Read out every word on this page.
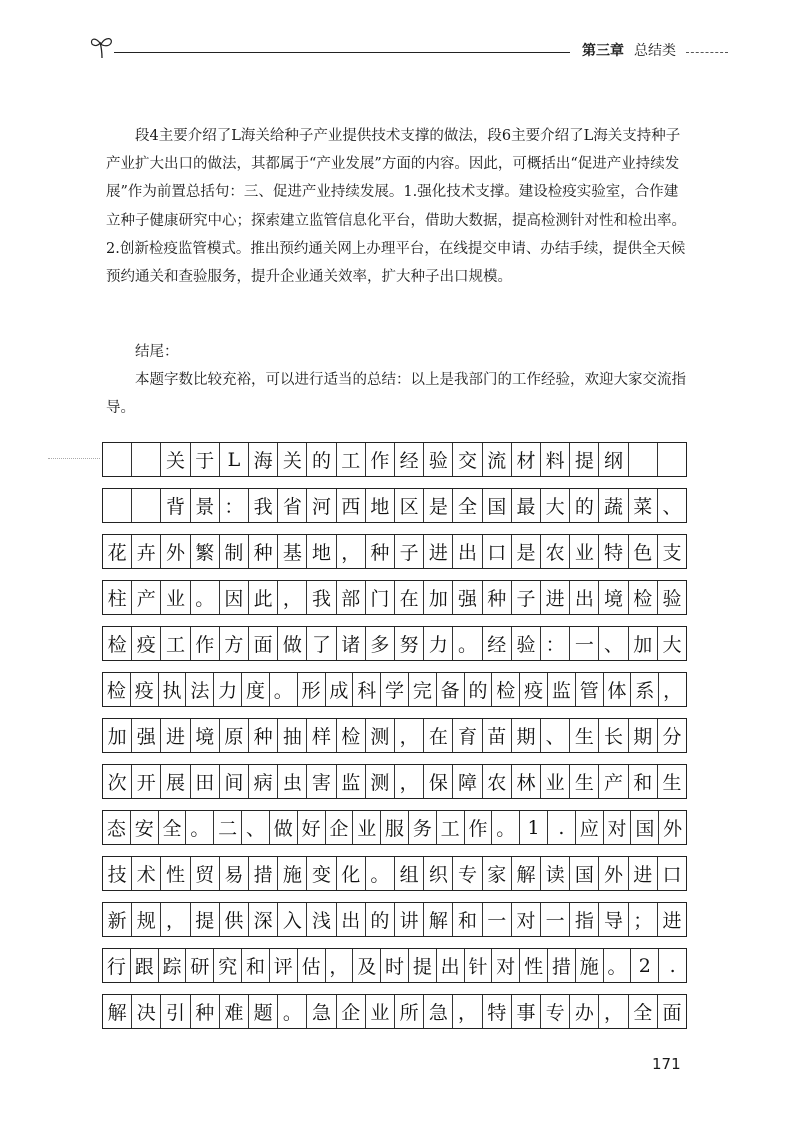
第三章 总结类

段4主要介绍了L海关给种子产业提供技术支撑的做法，段6主要介绍了L海关支持种子产业扩大出口的做法，其都属于“产业发展”方面的内容。因此，可概括出“促进产业持续发展”作为前置总括句：三、促进产业持续发展。1.强化技术支撑。建设检疫实验室，合作建立种子健康研究中心；探索建立监管信息化平台，借助大数据，提高检测针对性和检出率。2.创新检疫监管模式。推出预约通关网上办理平台，在线提交申请、办结手续，提供全天候预约通关和查验服务，提升企业通关效率，扩大种子出口规模。

结尾：

本题字数比较充裕，可以进行适当的总结：以上是我部门的工作经验，欢迎大家交流指导。

关 于 L 海 关 的 工 作 经 验 交 流 材 料 提 纲
背 景 ： 我 省 河 西 地 区 是 全 国 最 大 的 蔬 菜 、
花 卉 外 繁 制 种 基 地 ， 种 子 进 出 口 是 农 业 特 色 支
柱 产 业 。 因 此 ， 我 部 门 在 加 强 种 子 进 出 境 检 验
检 疫 工 作 方 面 做 了 诸 多 努 力 。 经 验 ： 一 、 加 大
检 疫 执 法 力 度 。 形 成 科 学 完 备 的 检 疫 监 管 体 系 ，
加 强 进 境 原 种 抽 样 检 测 ， 在 育 苗 期 、 生 长 期 分
次 开 展 田 间 病 虫 害 监 测 ， 保 障 农 林 业 生 产 和 生
态 安 全 。 二 、 做 好 企 业 服 务 工 作 。 1 . 应 对 国 外
技 术 性 贸 易 措 施 变 化 。 组 织 专 家 解 读 国 外 进 口
新 规 ， 提 供 深 入 浅 出 的 讲 解 和 一 对 一 指 导 ； 进
行 跟 踪 研 究 和 评 估 ， 及 时 提 出 针 对 性 措 施 。 2 .
解 决 引 种 难 题 。 急 企 业 所 急 ， 特 事 专 办 ， 全 面
171
